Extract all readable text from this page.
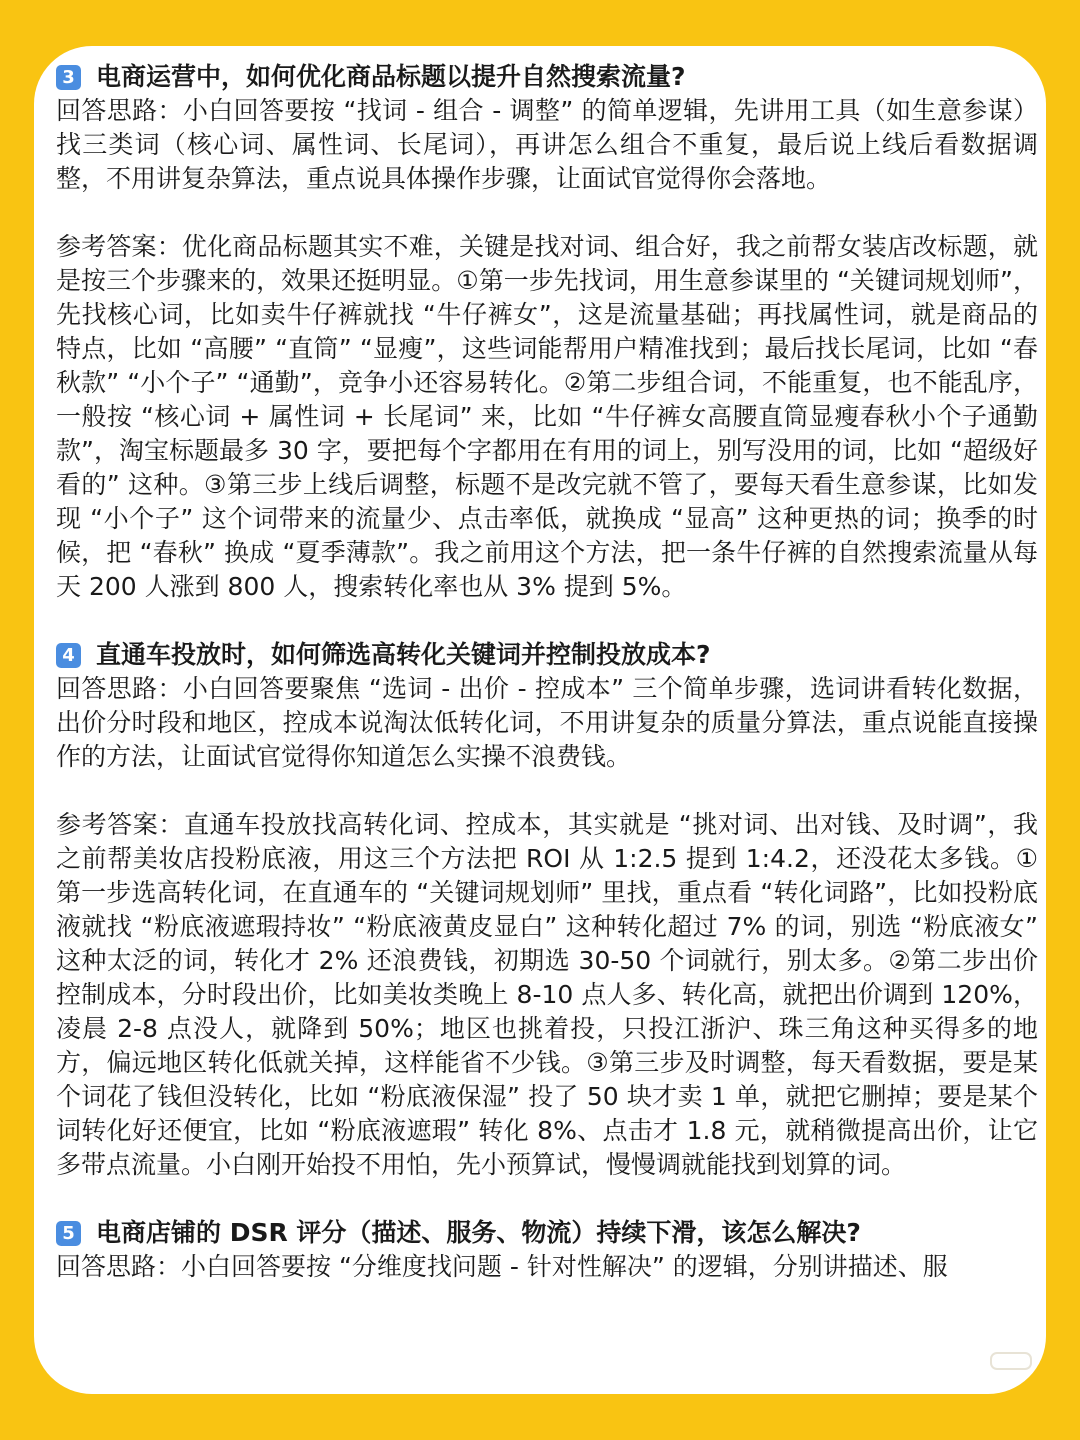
3 电商运营中，如何优化商品标题以提升自然搜索流量?

回答思路：小白回答要按 “找词 - 组合 - 调整” 的简单逻辑，先讲用工具（如生意参谋）找三类词（核心词、属性词、长尾词），再讲怎么组合不重复，最后说上线后看数据调整，不用讲复杂算法，重点说具体操作步骤，让面试官觉得你会落地。

参考答案：优化商品标题其实不难，关键是找对词、组合好，我之前帮女装店改标题，就是按三个步骤来的，效果还挺明显。①第一步先找词，用生意参谋里的 “关键词规划师”，先找核心词，比如卖牛仔裤就找 “牛仔裤女”，这是流量基础；再找属性词，就是商品的特点，比如 “高腰” “直筒” “显瘦”，这些词能帮用户精准找到；最后找长尾词，比如 “春秋款” “小个子” “通勤”，竞争小还容易转化。②第二步组合词，不能重复，也不能乱序，一般按 “核心词 + 属性词 + 长尾词” 来，比如 “牛仔裤女高腰直筒显瘦春秋小个子通勤款”，淘宝标题最多 30 字，要把每个字都用在有用的词上，别写没用的词，比如 “超级好看的” 这种。③第三步上线后调整，标题不是改完就不管了，要每天看生意参谋，比如发现 “小个子” 这个词带来的流量少、点击率低，就换成 “显高” 这种更热的词；换季的时候，把 “春秋” 换成 “夏季薄款”。我之前用这个方法，把一条牛仔裤的自然搜索流量从每天 200 人涨到 800 人，搜索转化率也从 3% 提到 5%。

4 直通车投放时，如何筛选高转化关键词并控制投放成本?

回答思路：小白回答要聚焦 “选词 - 出价 - 控成本” 三个简单步骤，选词讲看转化数据，出价分时段和地区，控成本说淘汰低转化词，不用讲复杂的质量分算法，重点说能直接操作的方法，让面试官觉得你知道怎么实操不浪费钱。

参考答案：直通车投放找高转化词、控成本，其实就是 “挑对词、出对钱、及时调”，我之前帮美妆店投粉底液，用这三个方法把 ROI 从 1:2.5 提到 1:4.2，还没花太多钱。①第一步选高转化词，在直通车的 “关键词规划师” 里找，重点看 “转化词路”，比如投粉底液就找 “粉底液遮瑕持妆” “粉底液黄皮显白” 这种转化超过 7% 的词，别选 “粉底液女” 这种太泛的词，转化才 2% 还浪费钱，初期选 30-50 个词就行，别太多。②第二步出价控制成本，分时段出价，比如美妆类晚上 8-10 点人多、转化高，就把出价调到 120%，凌晨 2-8 点没人，就降到 50%；地区也挑着投，只投江浙沪、珠三角这种买得多的地方，偏远地区转化低就关掉，这样能省不少钱。③第三步及时调整，每天看数据，要是某个词花了钱但没转化，比如 “粉底液保湿” 投了 50 块才卖 1 单，就把它删掉；要是某个词转化好还便宜，比如 “粉底液遮瑕” 转化 8%、点击才 1.8 元，就稍微提高出价，让它多带点流量。小白刚开始投不用怕，先小预算试，慢慢调就能找到划算的词。

5 电商店铺的 DSR 评分（描述、服务、物流）持续下滑，该怎么解决?

回答思路：小白回答要按 “分维度找问题 - 针对性解决” 的逻辑，分别讲描述、服
